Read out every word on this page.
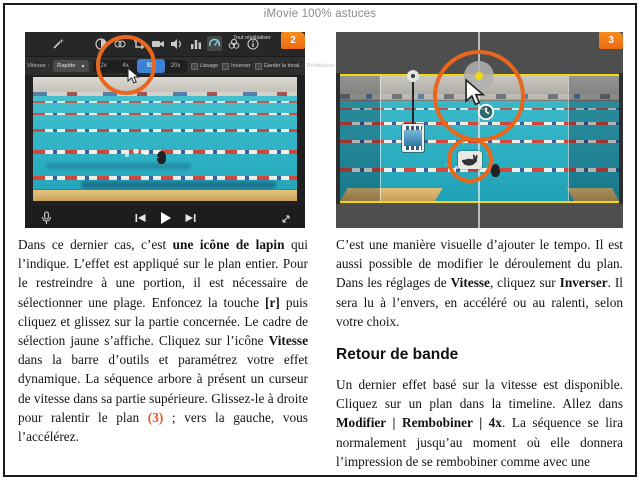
iMovie 100% astuces
Tout réinitialiser
Vitesse : Rapide ▾	2x	4x	8x	20x	Lissage Inverser Garder la tonal. Réinitialiser
2	3

Dans ce dernier cas, c’est une icône de lapin qui l’indique. L’effet est appliqué sur le plan entier. Pour le restreindre à une portion, il est nécessaire de sélectionner une plage. Enfoncez la touche [r] puis cliquez et glissez sur la partie concernée. Le cadre de sélection jaune s’affiche. Cliquez sur l’icône Vitesse dans la barre d’outils et paramétrez votre effet dynamique. La séquence arbore à présent un curseur de vitesse dans sa partie supérieure. Glissez-le à droite pour ralentir le plan (3) ; vers la gauche, vous l’accélérez.

C’est une manière visuelle d’ajouter le tempo. Il est aussi possible de modifier le déroulement du plan. Dans les réglages de Vitesse, cliquez sur Inverser. Il sera lu à l’envers, en accéléré ou au ralenti, selon votre choix.

Retour de bande

Un dernier effet basé sur la vitesse est disponible. Cliquez sur un plan dans la timeline. Allez dans Modifier | Rembobiner | 4x. La séquence se lira normalement jusqu’au moment où elle donnera l’impression de se rembobiner comme avec une
